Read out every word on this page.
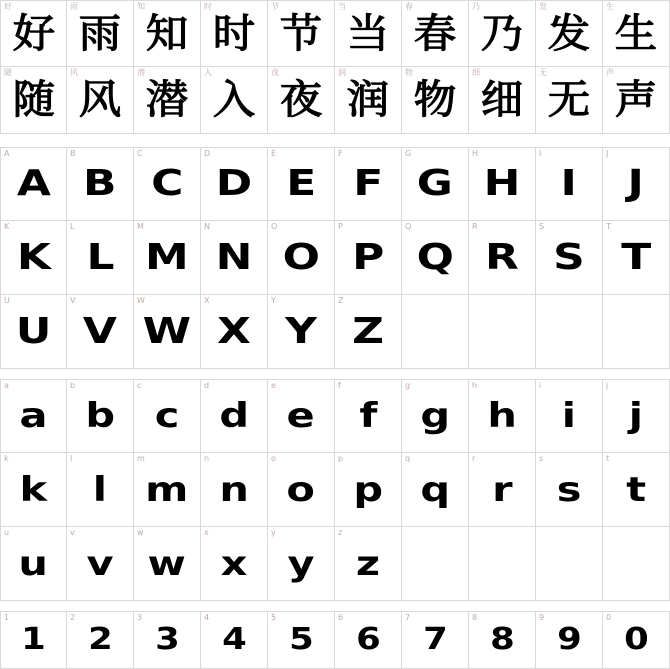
好
好
雨
雨
知
知
时
时
节
节
当
当
春
春
乃
乃
发
发
生
生
随
随
风
风
潜
潜
入
入
夜
夜
润
润
物
物
细
细
无
无
声
声
A
A
B
B
C
C
D
D
E
E
F
F
G
G
H
H
I
I
J
J
K
K
L
L
M
M
N
N
O
O
P
P
Q
Q
R
R
S
S
T
T
U
U
V
V
W
W
X
X
Y
Y
Z
Z
a
a
b
b
c
c
d
d
e
e
f
f
g
g
h
h
i
i
j
j
k
k
l
l
m
m
n
n
o
o
p
p
q
q
r
r
s
s
t
t
u
u
v
v
w
w
x
x
y
y
z
z
1
1
2
2
3
3
4
4
5
5
6
6
7
7
8
8
9
9
0
0
